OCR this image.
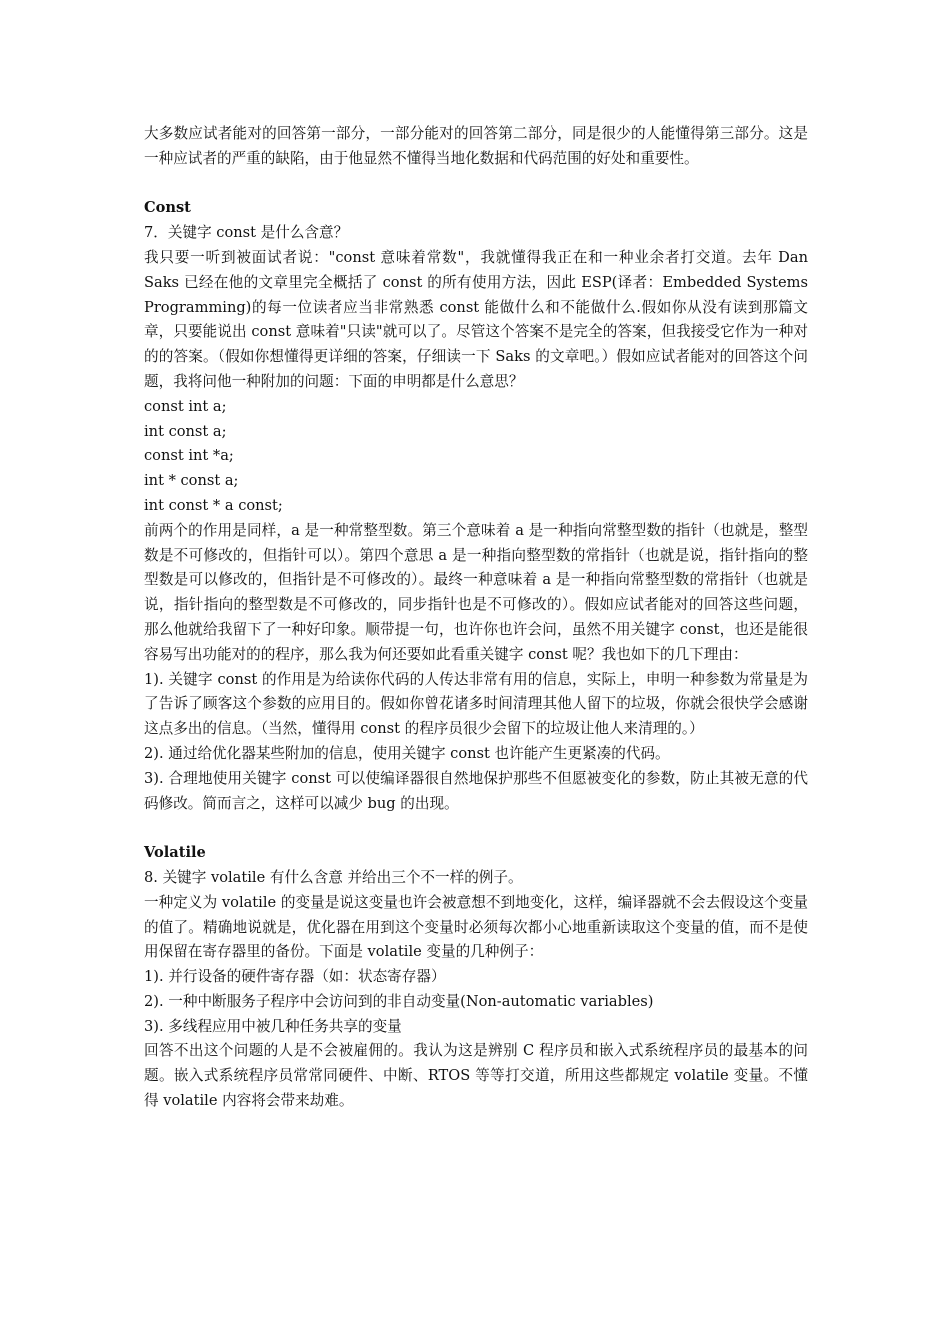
大多数应试者能对的回答第一部分，一部分能对的回答第二部分，同是很少的人能懂得第三部分。这是一种应试者的严重的缺陷，由于他显然不懂得当地化数据和代码范围的好处和重要性。

Const

7．关键字 const 是什么含意？

我只要一听到被面试者说："const 意味着常数"，我就懂得我正在和一种业余者打交道。去年 Dan Saks 已经在他的文章里完全概括了 const 的所有使用方法，因此 ESP(译者：Embedded Systems Programming)的每一位读者应当非常熟悉 const 能做什么和不能做什么.假如你从没有读到那篇文章，只要能说出 const 意味着"只读"就可以了。尽管这个答案不是完全的答案，但我接受它作为一种对的的答案。（假如你想懂得更详细的答案，仔细读一下 Saks 的文章吧。）假如应试者能对的回答这个问题，我将问他一种附加的问题：下面的申明都是什么意思？

const int a;

int const a;

const int *a;

int * const a;

int const * a const;

前两个的作用是同样，a 是一种常整型数。第三个意味着 a 是一种指向常整型数的指针（也就是，整型数是不可修改的，但指针可以）。第四个意思 a 是一种指向整型数的常指针（也就是说，指针指向的整型数是可以修改的，但指针是不可修改的）。最终一种意味着 a 是一种指向常整型数的常指针（也就是说，指针指向的整型数是不可修改的，同步指针也是不可修改的）。假如应试者能对的回答这些问题，那么他就给我留下了一种好印象。顺带提一句，也许你也许会问，虽然不用关键字 const，也还是能很容易写出功能对的的程序，那么我为何还要如此看重关键字 const 呢？我也如下的几下理由：

1). 关键字 const 的作用是为给读你代码的人传达非常有用的信息，实际上，申明一种参数为常量是为了告诉了顾客这个参数的应用目的。假如你曾花诸多时间清理其他人留下的垃圾，你就会很快学会感谢这点多出的信息。（当然，懂得用 const 的程序员很少会留下的垃圾让他人来清理的。）

2). 通过给优化器某些附加的信息，使用关键字 const 也许能产生更紧凑的代码。

3). 合理地使用关键字 const 可以使编译器很自然地保护那些不但愿被变化的参数，防止其被无意的代码修改。简而言之，这样可以减少 bug 的出现。

Volatile

8. 关键字 volatile 有什么含意 并给出三个不一样的例子。

一种定义为 volatile 的变量是说这变量也许会被意想不到地变化，这样，编译器就不会去假设这个变量的值了。精确地说就是，优化器在用到这个变量时必须每次都小心地重新读取这个变量的值，而不是使用保留在寄存器里的备份。下面是 volatile 变量的几种例子：

1). 并行设备的硬件寄存器（如：状态寄存器）

2). 一种中断服务子程序中会访问到的非自动变量(Non-automatic variables)

3). 多线程应用中被几种任务共享的变量

回答不出这个问题的人是不会被雇佣的。我认为这是辨别 C 程序员和嵌入式系统程序员的最基本的问题。嵌入式系统程序员常常同硬件、中断、RTOS 等等打交道，所用这些都规定 volatile 变量。不懂得 volatile 内容将会带来劫难。
